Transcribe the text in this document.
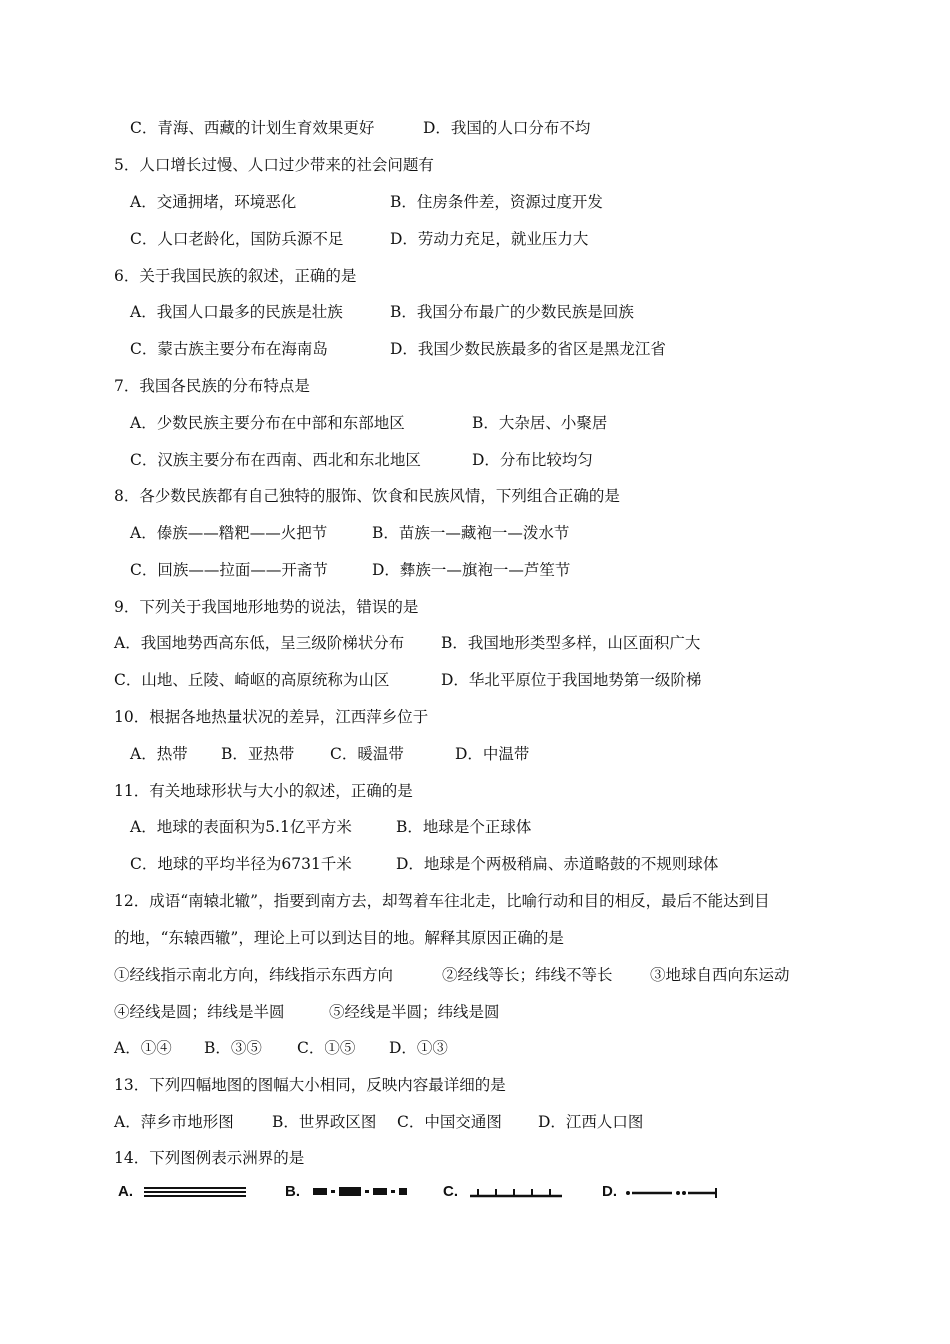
C．青海、西藏的计划生育效果更好	D．我国的人口分布不均
5．人口增长过慢、人口过少带来的社会问题有
A．交通拥堵，环境恶化	B．住房条件差，资源过度开发
C．人口老龄化，国防兵源不足	D．劳动力充足，就业压力大
6．关于我国民族的叙述，正确的是
A．我国人口最多的民族是壮族	B．我国分布最广的少数民族是回族
C．蒙古族主要分布在海南岛	D．我国少数民族最多的省区是黑龙江省
7．我国各民族的分布特点是
A．少数民族主要分布在中部和东部地区	B．大杂居、小聚居
C．汉族主要分布在西南、西北和东北地区	D．分布比较均匀
8．各少数民族都有自己独特的服饰、饮食和民族风情，下列组合正确的是
A．傣族——糌粑——火把节	B．苗族一—藏袍一—泼水节
C．回族——拉面——开斋节	D．彝族一—旗袍一—芦笙节
9．下列关于我国地形地势的说法，错误的是
A．我国地势西高东低，呈三级阶梯状分布 B．我国地形类型多样，山区面积广大
C．山地、丘陵、崎岖的高原统称为山区	D．华北平原位于我国地势第一级阶梯
10．根据各地热量状况的差异，江西萍乡位于
A．热带 B．亚热带 C．暖温带	D．中温带
11．有关地球形状与大小的叙述，正确的是
A．地球的表面积为5.1亿平方米	B．地球是个正球体
C．地球的平均半径为6731千米	D．地球是个两极稍扁、赤道略鼓的不规则球体
12．成语“南辕北辙”，指要到南方去，却驾着车往北走，比喻行动和目的相反，最后不能达到目
的地，“东辕西辙”，理论上可以到达目的地。解释其原因正确的是
①经线指示南北方向，纬线指示东西方向	②经线等长；纬线不等长 ③地球自西向东运动
④经线是圆；纬线是半圆	⑤经线是半圆；纬线是圆
A．①④ B．③⑤ C．①⑤ D．①③
13．下列四幅地图的图幅大小相同，反映内容最详细的是
A．萍乡市地形图 B．世界政区图 C．中国交通图 D．江西人口图
14．下列图例表示洲界的是
A.	B.	C.	D.
